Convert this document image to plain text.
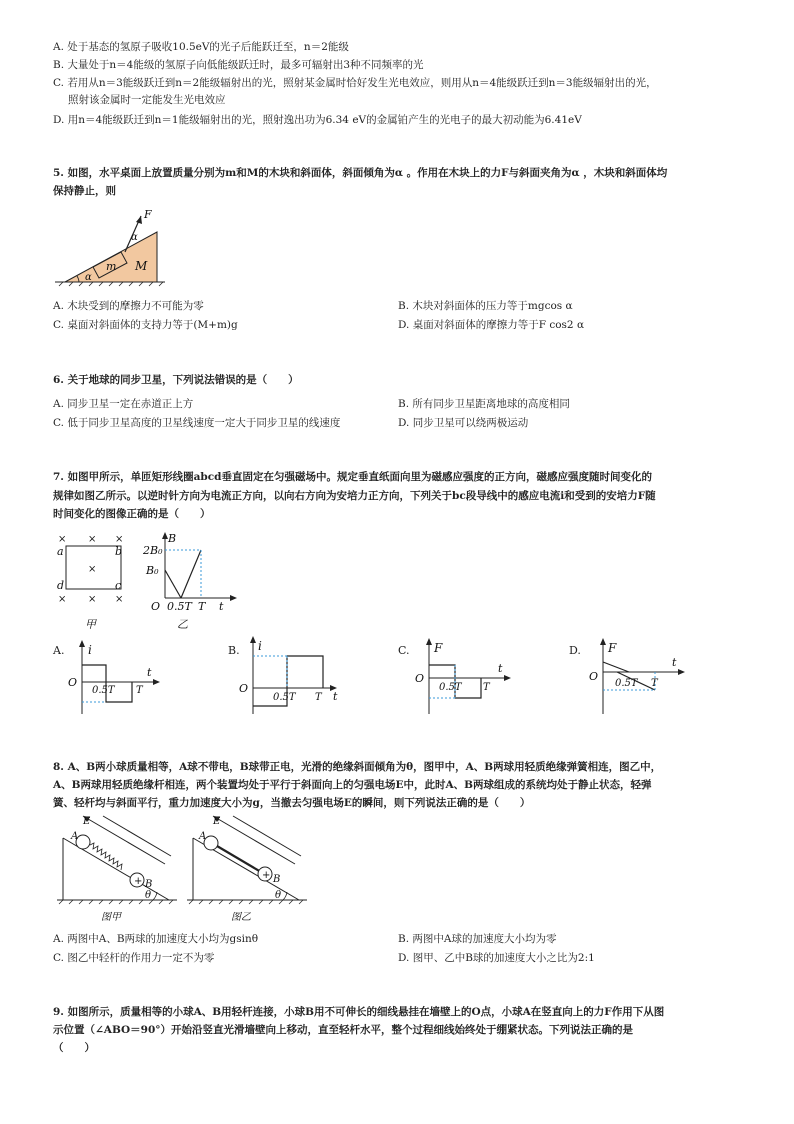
A. 处于基态的氢原子吸收10.5eV的光子后能跃迁至，n＝2能级
B. 大量处于n＝4能级的氢原子向低能级跃迁时，最多可辐射出3种不同频率的光
C. 若用从n＝3能级跃迁到n＝2能级辐射出的光，照射某金属时恰好发生光电效应，则用从n＝4能级跃迁到n＝3能级辐射出的光，
照射该金属时一定能发生光电效应
D. 用n＝4能级跃迁到n＝1能级辐射出的光，照射逸出功为6.34 eV的金属铂产生的光电子的最大初动能为6.41eV
5. 如图，水平桌面上放置质量分别为m和M的木块和斜面体，斜面倾角为α 。作用在木块上的力F与斜面夹角为α ，木块和斜面体均
保持静止，则
F
m M
α
α
A. 木块受到的摩擦力不可能为零	B. 木块对斜面体的压力等于mgcos α
C. 桌面对斜面体的支持力等于(M+m)g	D. 桌面对斜面体的摩擦力等于F cos2 α
6. 关于地球的同步卫星，下列说法错误的是（　　）
A. 同步卫星一定在赤道正上方	B. 所有同步卫星距离地球的高度相同
C. 低于同步卫星高度的卫星线速度一定大于同步卫星的线速度	D. 同步卫星可以绕两极运动
7. 如图甲所示，单匝矩形线圈abcd垂直固定在匀强磁场中。规定垂直纸面向里为磁感应强度的正方向，磁感应强度随时间变化的
规律如图乙所示。以逆时针方向为电流正方向，以向右方向为安培力正方向，下列关于bc段导线中的感应电流i和受到的安培力F随
时间变化的图像正确的是（　　）
× × ×
×
× × ×
a	b
d	c
甲
B
2B₀
B₀
O 0.5T T t
乙
A. i
O
0.5T T
t
B. i
O
0.5T T t
C. F
O
0.5T T
t
D. F
O
0.5T T
t
8. A、B两小球质量相等，A球不带电，B球带正电，光滑的绝缘斜面倾角为θ，图甲中，A、B两球用轻质绝缘弹簧相连，图乙中，
A、B两球用轻质绝缘杆相连，两个装置均处于平行于斜面向上的匀强电场E中，此时A、B两球组成的系统均处于静止状态，轻弹
簧、轻杆均与斜面平行，重力加速度大小为g，当撤去匀强电场E的瞬间，则下列说法正确的是（　　）
+
E
A
B
θ
图甲
+
E
A
B
θ
图乙
A. 两图中A、B两球的加速度大小均为gsinθ	B. 两图中A球的加速度大小均为零
C. 图乙中轻杆的作用力一定不为零	D. 图甲、乙中B球的加速度大小之比为2:1
9. 如图所示，质量相等的小球A、B用轻杆连接，小球B用不可伸长的细线悬挂在墙壁上的O点，小球A在竖直向上的力F作用下从图
示位置（∠ABO＝90°）开始沿竖直光滑墙壁向上移动，直至轻杆水平，整个过程细线始终处于绷紧状态。下列说法正确的是
（　　）
